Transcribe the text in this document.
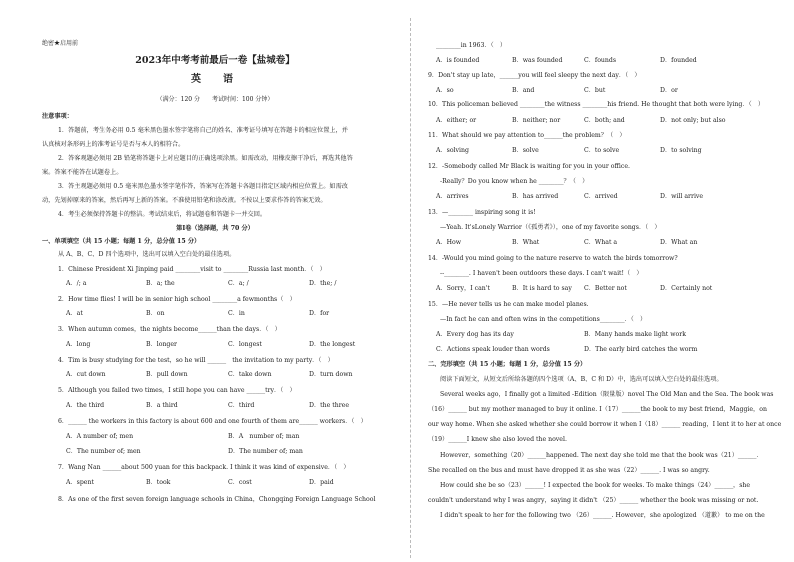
绝密★启用前
2023年中考考前最后一卷【盐城卷】
英　语
（满分：120 分　　考试时间：100 分钟）
注意事项：
1．答题前，考生务必用 0.5 毫米黑色墨水签字笔将自己的姓名、准考证号填写在答题卡的相应位置上，并
认真核对条形码上的准考证号是否与本人的相符合。
2．答客观题必须用 2B 铅笔将答题卡上对应题目的正确选项涂黑。如需改动，用橡皮擦干净后，再选其他答
案。答案不能答在试题卷上。
3．答主观题必须用 0.5 毫米黑色墨水签字笔作答，答案写在答题卡各题目指定区域内相应位置上。如需改
动，先划掉原来的答案，然后再写上新的答案。不准使用铅笔和涂改液。不按以上要求作答的答案无效。
4．考生必须保持答题卡的整洁。考试结束后，将试题卷和答题卡一并交回。
第Ⅰ卷（选择题，共 70 分）
一、单项填空（共 15 小题；每题 1 分，总分值 15 分）
从 A、B、C、D 四个选项中，选出可以填入空白处的最佳选项。
1．Chinese President Xi Jinping paid ________visit to ________Russia last month．（　）
A．/; a	B．a; the	C．a; /	D．the; /
2．How time flies! I will be in senior high school ________a fewmonths（　）
A．at	B．on	C．in	D．for
3．When autumn comes，the nights become______than the days．（　）
A．long	B．longer	C．longest	D．the longest
4．Tim is busy studying for the test，so he will ______　the invitation to my party．（　）
A．cut down	B．pull down	C．take down	D．turn down
5．Although you failed two times，I still hope you can have ______try．（　）
A．the third	B．a third	C．third	D．the three
6．______ the workers in this factory is about 600 and one fourth of them are______ workers．（　）
A．A number of; men	B．A　number of; man
C．The number of; men	D．The number of; man
7．Wang Nan ______about 500 yuan for this backpack. I think it was kind of expensive．（　）
A．spent	B．took	C．cost	D．paid
8．As one of the first seven foreign language schools in China，Chongqing Foreign Language School
________in 1963．（　）
A．is founded	B．was founded	C．founds	D．founded
9．Don't stay up late，______you will feel sleepy the next day．（　）
A．so	B．and	C．but	D．or
10．This policeman believed ________the witness ________his friend. He thought that both were lying．（　）
A．either; or	B．neither; nor	C．both; and	D．not only; but also
11．What should we pay attention to______the problem？（　）
A．solving	B．solve	C．to solve	D．to solving
12．-Somebody called Mr Black is waiting for you in your office.
-Really？Do you know when he ________？（　）
A．arrives	B．has arrived	C．arrived	D．will arrive
13．—________ inspiring song it is!
—Yeah. It'sLonely Warrior（《孤勇者》），one of my favorite songs．（　）
A．How	B．What	C．What a	D．What an
14．-Would you mind going to the nature reserve to watch the birds tomorrow?
--________. I haven't been outdoors these days. I can't wait!（　）
A．Sorry，I can't	B．It is hard to say C．Better not	D．Certainly not
15．—He never tells us he can make model planes.
—In fact he can and often wins in the competitions________．（　）
A．Every dog has its day	B．Many hands make light work
C．Actions speak louder than words	D．The early bird catches the worm
二、完形填空（共 15 小题；每题 1 分，总分值 15 分）
阅读下面短文，从短文后所给各题的四个选项（A、B、C 和 D）中，选出可以填入空白处的最佳选项。
Several weeks ago，I finally got a limited -Edition（限量版）novel The Old Man and the Sea. The book was
（16）______ but my mother managed to buy it online. I（17）______the book to my best friend，Maggie，on
our way home. When she asked whether she could borrow it when I（18）______ reading，I lent it to her at once
（19）______I knew she also loved the novel.
However，something（20）______happened. The next day she told me that the book was（21）______．
She recalled on the bus and must have dropped it as she was（22）______. I was so angry.
How could she be so（23）______! I expected the book for weeks. To make things（24）______，she
couldn't understand why I was angry，saying it didn't （25）______ whether the book was missing or not.
I didn't speak to her for the following two （26）______. However，she apologized （道歉） to me on the
